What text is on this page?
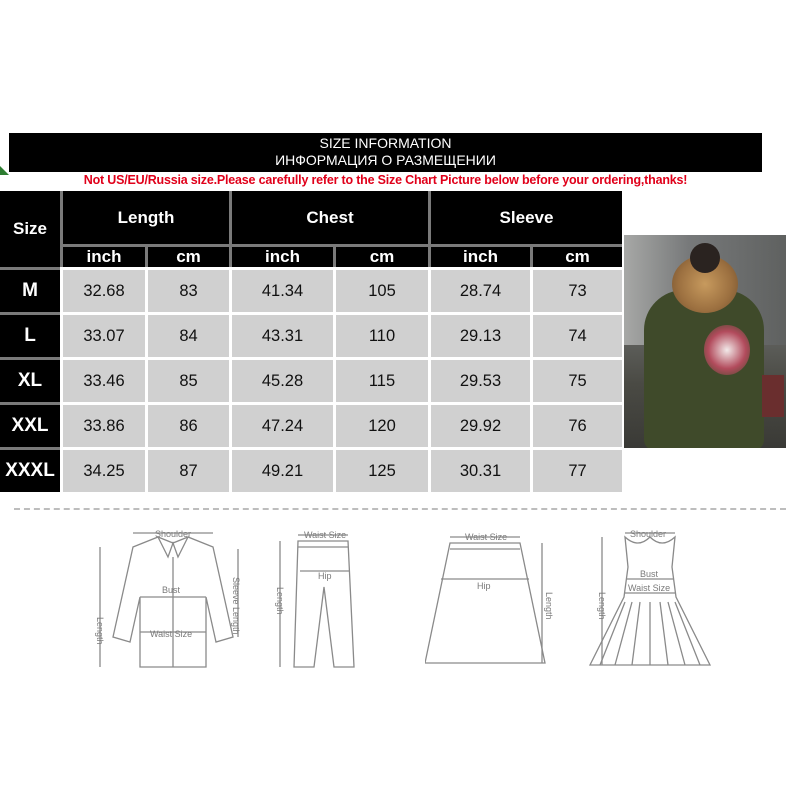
SIZE INFORMATION
ИНФОРМАЦИЯ О РАЗМЕЩЕНИИ
Not US/EU/Russia size.Please carefully refer to the Size Chart Picture below before your ordering,thanks!
Size
Length	Chest	Sleeve
inch	cm	inch	cm	inch	cm
M	32.68	83	41.34	105	28.74	73
L	33.07	84	43.31	110	29.13	74
XL	33.46	85	45.28	115	29.53	75
XXL	33.86	86	47.24	120	29.92	76
XXXL	34.25	87	49.21	125	30.31	77
Shoulder
Bust
Waist Size
Length	Sleeve Length
Waist Size
Hip
Length
Waist Size
Hip
Length
Shoulder
Bust
Waist Size
Length
